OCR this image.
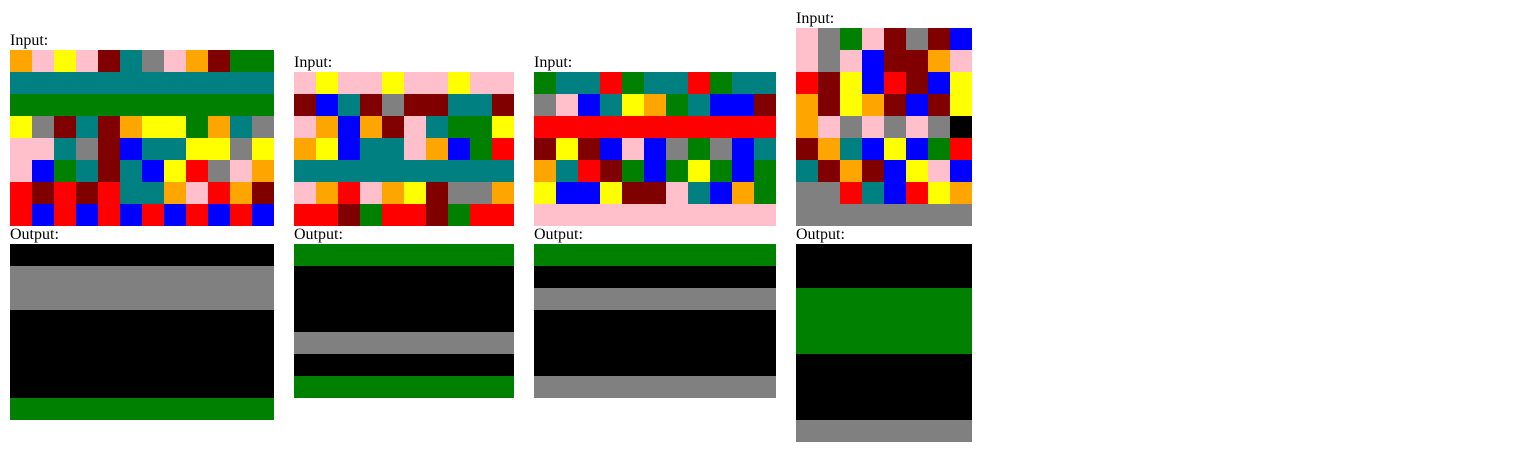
Input:
Output:
Input:
Output:
Input:
Output:
Input:
Output:
